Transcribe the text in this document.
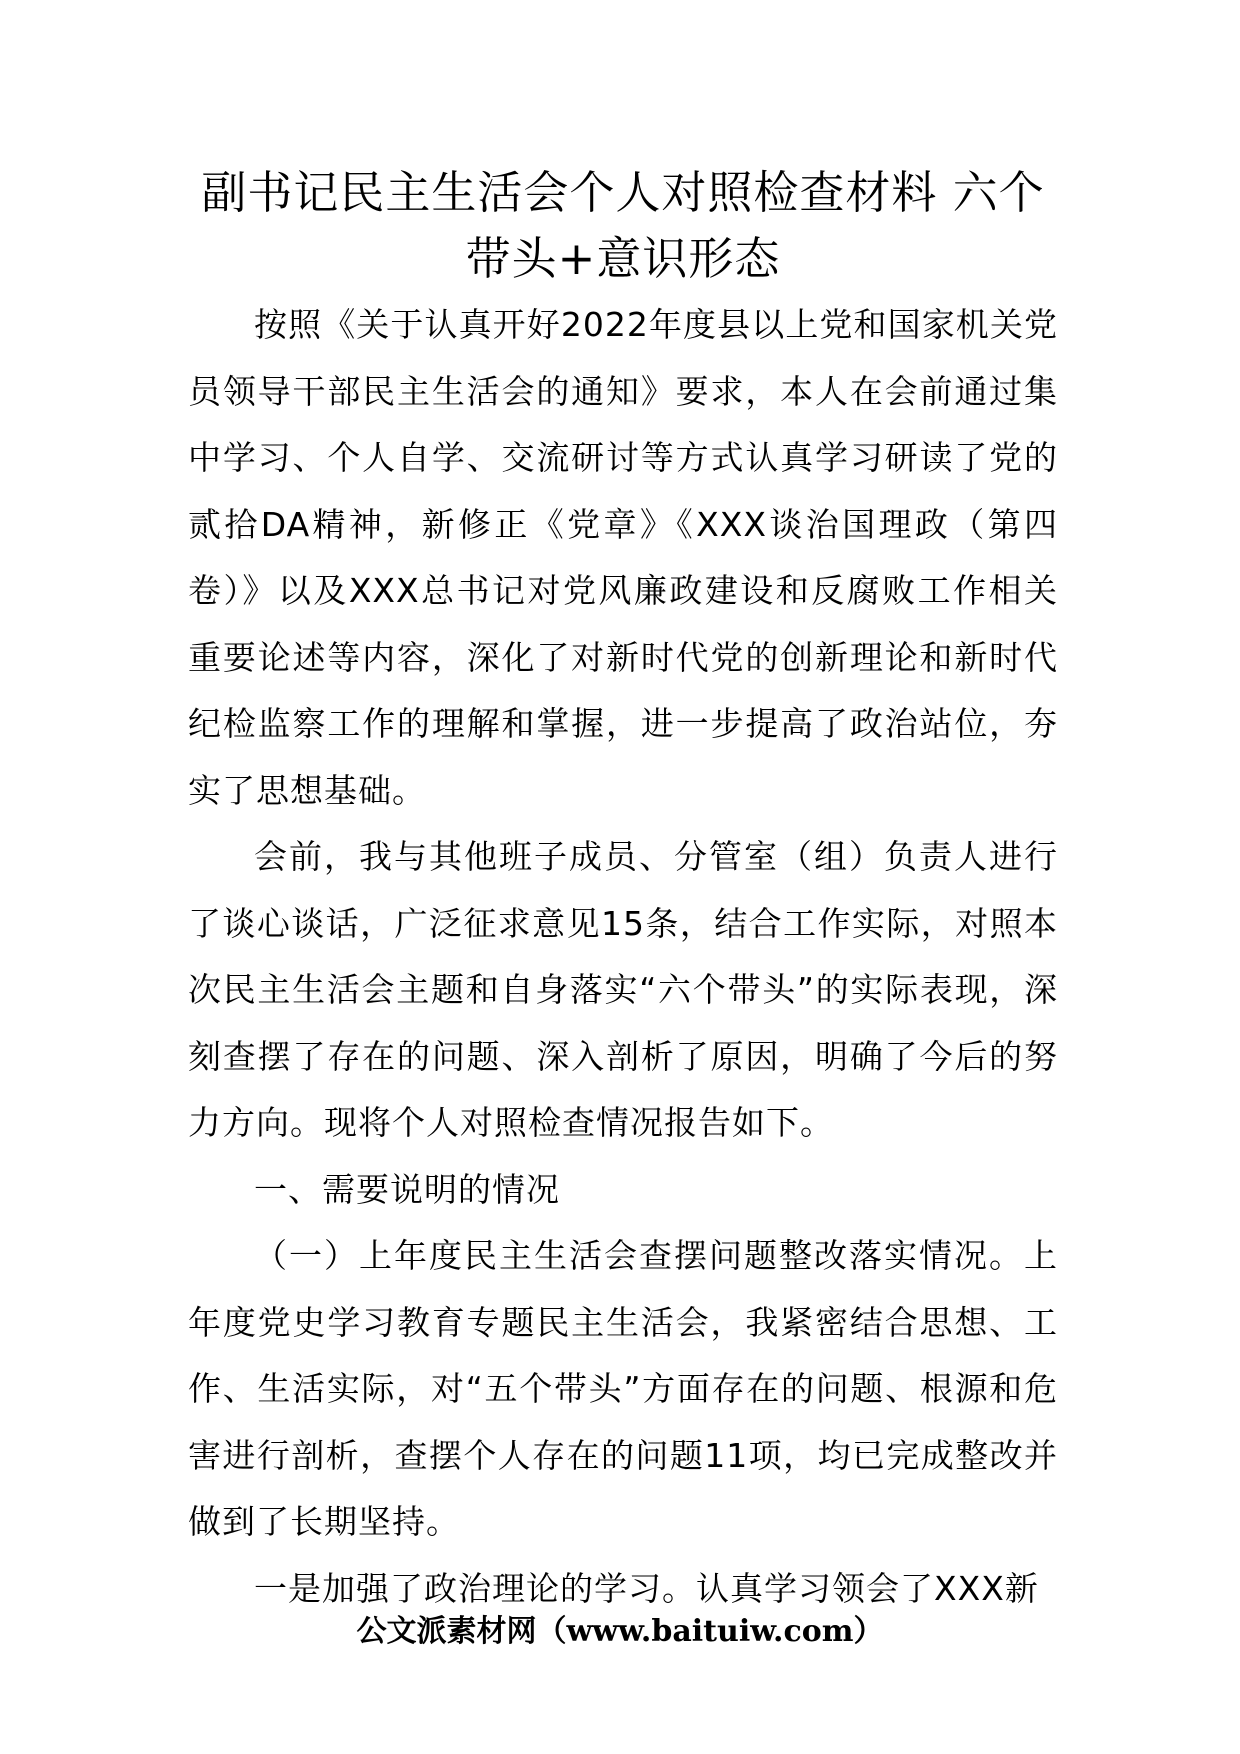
副书记民主生活会个人对照检查材料 六个
带头+意识形态

按照《关于认真开好2022年度县以上党和国家机关党员领导干部民主生活会的通知》要求，本人在会前通过集中学习、个人自学、交流研讨等方式认真学习研读了党的贰拾DA精神，新修正《党章》《XXX谈治国理政（第四卷）》以及XXX总书记对党风廉政建设和反腐败工作相关重要论述等内容，深化了对新时代党的创新理论和新时代纪检监察工作的理解和掌握，进一步提高了政治站位，夯实了思想基础。

会前，我与其他班子成员、分管室（组）负责人进行了谈心谈话，广泛征求意见15条，结合工作实际，对照本次民主生活会主题和自身落实“六个带头”的实际表现，深刻查摆了存在的问题、深入剖析了原因，明确了今后的努力方向。现将个人对照检查情况报告如下。

一、需要说明的情况

（一）上年度民主生活会查摆问题整改落实情况。上年度党史学习教育专题民主生活会，我紧密结合思想、工作、生活实际，对“五个带头”方面存在的问题、根源和危害进行剖析，查摆个人存在的问题11项，均已完成整改并做到了长期坚持。

一是加强了政治理论的学习。认真学习领会了XXX新

公文派素材网（www.baituiw.com）
